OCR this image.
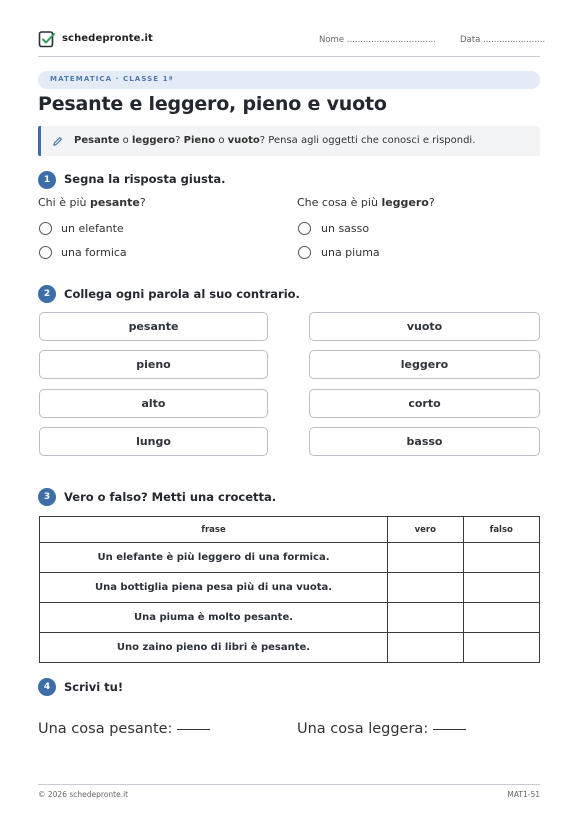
schedepronte.it	Nome .................................	Data .......................
MATEMATICA · CLASSE 1ª
Pesante e leggero, pieno e vuoto
Pesante o leggero? Pieno o vuoto? Pensa agli oggetti che conosci e rispondi.
1	Segna la risposta giusta.
Chi è più pesante?
un elefante
una formica
Che cosa è più leggero?
un sasso
una piuma
2	Collega ogni parola al suo contrario.
pesante
pieno
alto
lungo
vuoto
leggero
corto
basso
3	Vero o falso? Metti una crocetta.
frase	vero	falso
Un elefante è più leggero di una formica.		
Una bottiglia piena pesa più di una vuota.		
Una piuma è molto pesante.		
Uno zaino pieno di libri è pesante.		
4	Scrivi tu!
Una cosa pesante:	Una cosa leggera:
© 2026 schedepronte.it	MAT1-51
